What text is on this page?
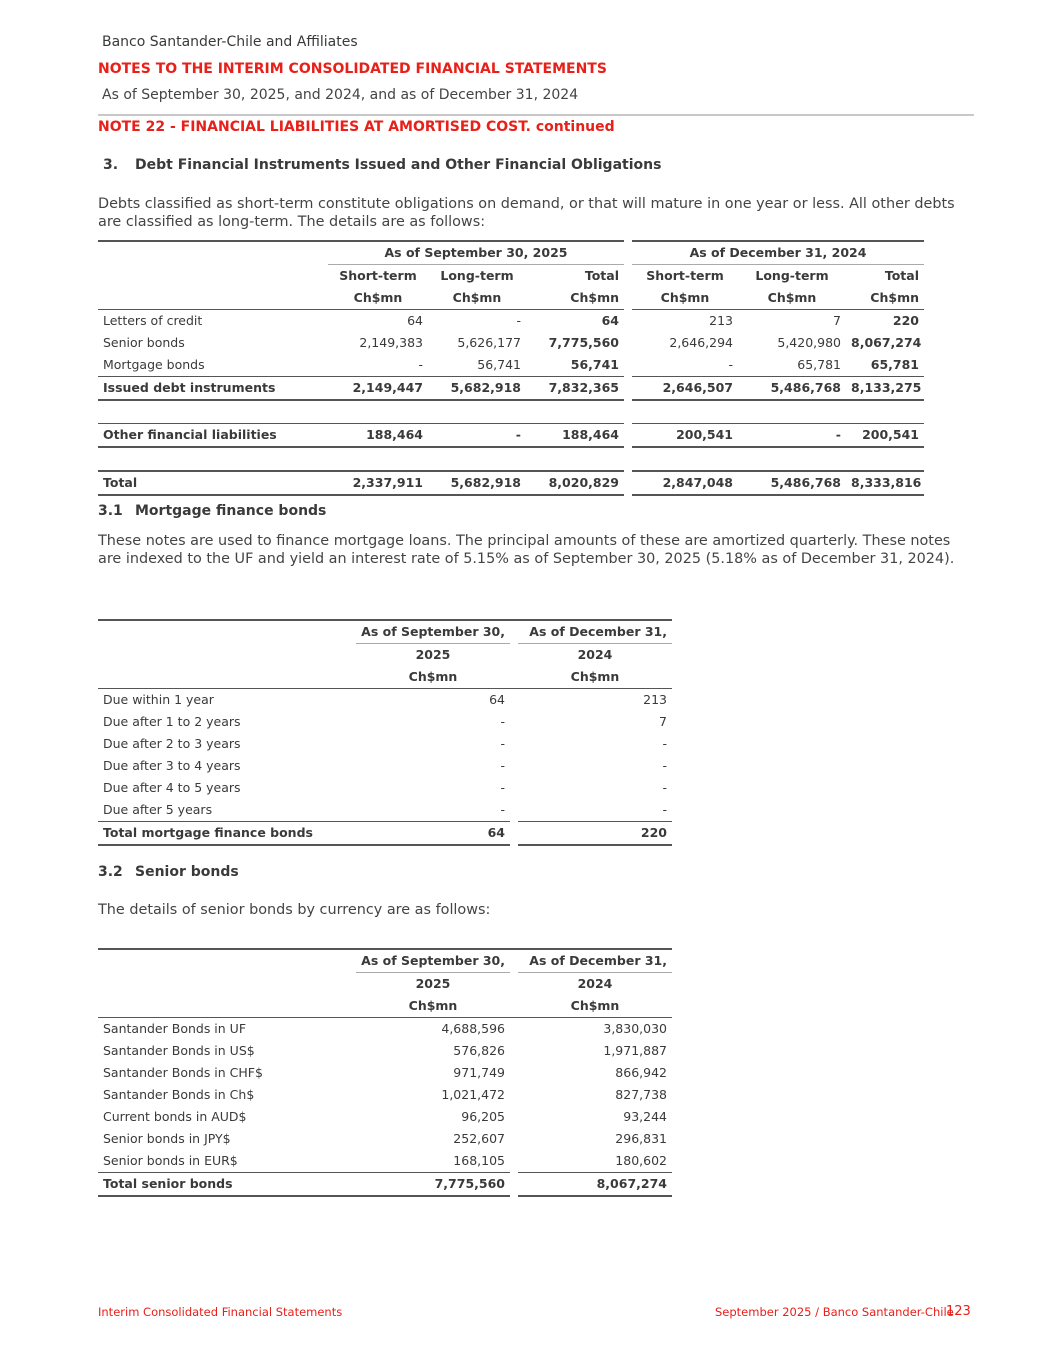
Banco Santander-Chile and Affiliates
NOTES TO THE INTERIM CONSOLIDATED FINANCIAL STATEMENTS
As of September 30, 2025, and 2024, and as of December 31, 2024
NOTE 22 - FINANCIAL LIABILITIES AT AMORTISED COST. continued
3. Debt Financial Instruments Issued and Other Financial Obligations
Debts classified as short-term constitute obligations on demand, or that will mature in one year or less. All other debts are classified as long-term. The details are as follows:
	As of September 30, 2025				As of December 31, 2024		
	Short-term	Long-term	Total		Short-term	Long-term	Total
	Ch$mn	Ch$mn	Ch$mn		Ch$mn	Ch$mn	Ch$mn
Letters of credit	64	-	64		213	7	220
Senior bonds	2,149,383	5,626,177	7,775,560		2,646,294	5,420,980	8,067,274
Mortgage bonds	-	56,741	56,741		-	65,781	65,781
Issued debt instruments	2,149,447	5,682,918	7,832,365		2,646,507	5,486,768	8,133,275

Other financial liabilities	188,464	-	188,464		200,541	-	200,541

Total	2,337,911	5,682,918	8,020,829		2,847,048	5,486,768	8,333,816
3.1 Mortgage finance bonds
These notes are used to finance mortgage loans. The principal amounts of these are amortized quarterly. These notes are indexed to the UF and yield an interest rate of 5.15% as of September 30, 2025 (5.18% as of December 31, 2024).
	As of September 30,		As of December 31,
	2025		2024
	Ch$mn		Ch$mn
Due within 1 year	64		213
Due after 1 to 2 years	-		7
Due after 2 to 3 years	-		-
Due after 3 to 4 years	-		-
Due after 4 to 5 years	-		-
Due after 5 years	-		-
Total mortgage finance bonds	64		220
3.2 Senior bonds
The details of senior bonds by currency are as follows:
	As of September 30,		As of December 31,
	2025		2024
	Ch$mn		Ch$mn
Santander Bonds in UF	4,688,596		3,830,030
Santander Bonds in US$	576,826		1,971,887
Santander Bonds in CHF$	971,749		866,942
Santander Bonds in Ch$	1,021,472		827,738
Current bonds in AUD$	96,205		93,244
Senior bonds in JPY$	252,607		296,831
Senior bonds in EUR$	168,105		180,602
Total senior bonds	7,775,560		8,067,274
Interim Consolidated Financial Statements	September 2025 / Banco Santander-Chile
123
